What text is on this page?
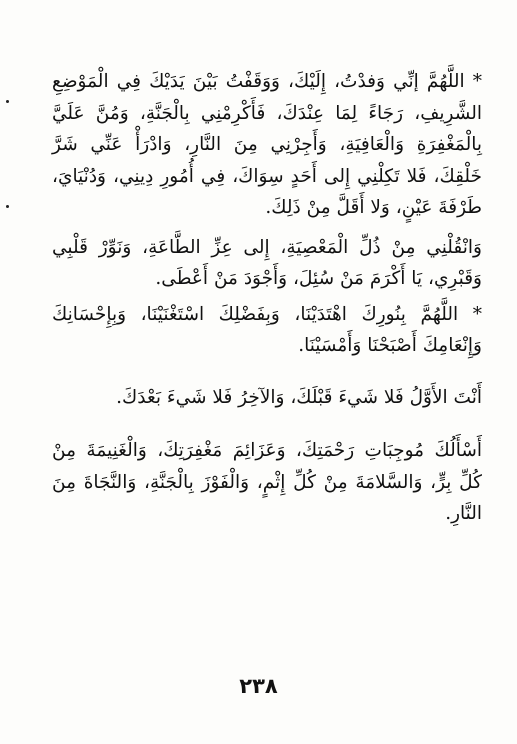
* اللَّهُمَّ إنِّي وَفدْتُ، إِلَيْكَ، وَوَقَفْتُ بَيْنَ يَدَيْكَ فِي الْمَوْضِعِ الشَّرِيفِ، رَجَاءً لِمَا عِنْدَكَ، فَأَكْرِمْنِي بِالْجَنَّةِ، وَمُنَّ عَلَيَّ بِالْمَغْفِرَةِ وَالْعَافِيَةِ، وَأَجِرْنِي مِنَ النَّارِ، وَادْرَأْ عَنِّي شَرَّ خَلْقِكَ، فَلا تَكِلْنِي إِلى أَحَدٍ سِوَاكَ، فِي أُمُورِ دِينِي، وَدُنْيَايَ، طَرْفَةَ عَيْنٍ، وَلا أَقَلَّ مِنْ ذَلِكَ.

وَانْقُلْنِي مِنْ ذُلِّ الْمَعْصِيَةِ، إِلى عِزِّ الطَّاعَةِ، وَنَوِّرْ قَلْبِي وَقَبْرِي، يَا أَكْرَمَ مَنْ سُئِلَ، وَأَجْوَدَ مَنْ أَعْطَى.

* اللَّهُمَّ بِنُورِكَ اهْتَدَيْنَا، وَبِفَضْلِكَ اسْتَغْنَيْنَا، وَبِإِحْسَانِكَ وَإِنْعَامِكَ أَصْبَحْنَا وَأَمْسَيْنَا.

أَنْتَ الأَوَّلُ فَلا شَيءَ قَبْلَكَ، وَالآخِرُ فَلا شَيءَ بَعْدَكَ.

أَسْأَلُكَ مُوجِبَاتِ رَحْمَتِكَ، وَعَزَائِمَ مَغْفِرَتِكَ، وَالْغَنِيمَةَ مِنْ كُلِّ بِرٍّ، وَالسَّلامَةَ مِنْ كُلِّ إِثْمٍ، وَالْفَوْزَ بِالْجَنَّةِ، وَالنَّجَاةَ مِنَ النَّارِ.

٢٣٨
